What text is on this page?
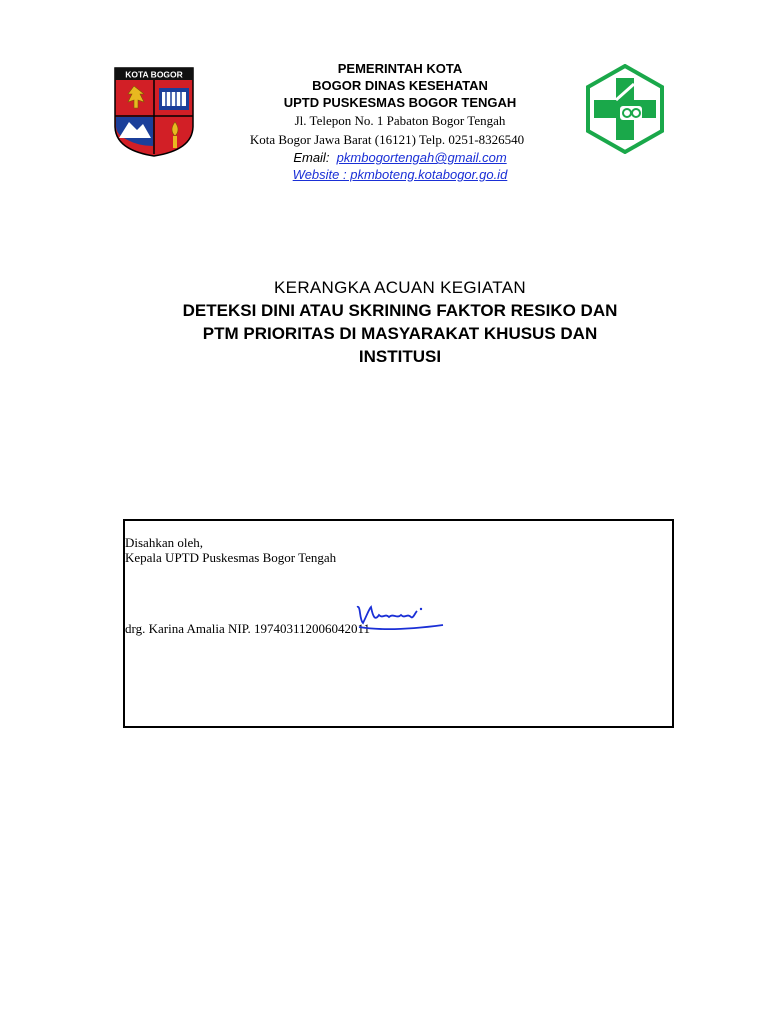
KOTA BOGOR	PEMERINTAH KOTA
BOGOR DINAS KESEHATAN
UPTD PUSKESMAS BOGOR TENGAH
Jl. Telepon No. 1 Pabaton Bogor Tengah
Kota Bogor Jawa Barat (16121) Telp. 0251-8326540
Email: pkmbogortengah@gmail.com
Website : pkmboteng.kotabogor.go.id
KERANGKA ACUAN KEGIATAN
DETEKSI DINI ATAU SKRINING FAKTOR RESIKO DAN
PTM PRIORITAS DI MASYARAKAT KHUSUS DAN
INSTITUSI
Disahkan oleh,
Kepala UPTD Puskesmas Bogor Tengah
drg. Karina Amalia NIP. 197403112006042011
